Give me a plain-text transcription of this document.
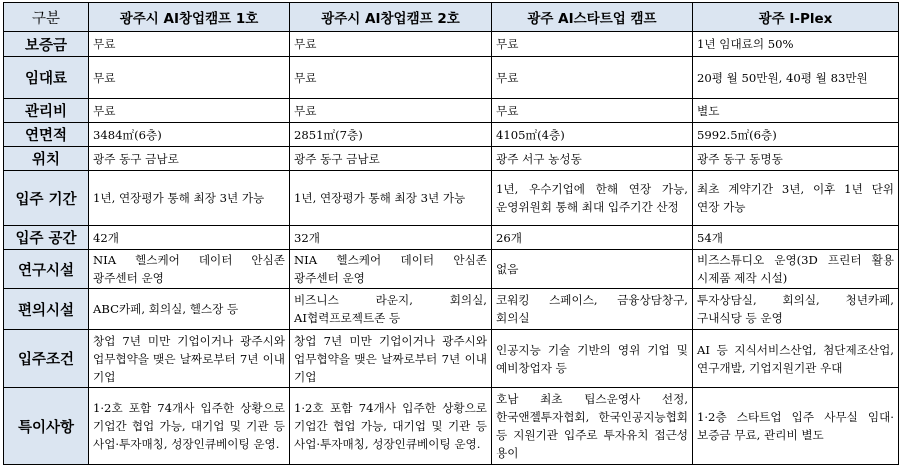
구분	광주시 AI창업캠프 1호	광주시 AI창업캠프 2호	광주 AI스타트업 캠프	광주 I-Plex
보증금	무료	무료	무료	1년 임대료의 50%
임대료	무료	무료	무료	20평 월 50만원, 40평 월 83만원
관리비	무료	무료	무료	별도
연면적	3484㎡(6층)	2851㎡(7층)	4105㎡(4층)	5992.5㎡(6층)
위치	광주 동구 금남로	광주 동구 금남로	광주 서구 농성동	광주 동구 동명동
입주 기간	1년, 연장평가 통해 최장 3년 가능	1년, 연장평가 통해 최장 3년 가능	1년, 우수기업에 한해 연장 가능, 운영위원회 통해 최대 입주기간 산정	최초 계약기간 3년, 이후 1년 단위 연장 가능
입주 공간	42개	32개	26개	54개
연구시설	NIA 헬스케어 데이터 안심존 광주센터 운영	NIA 헬스케어 데이터 안심존 광주센터 운영	없음	비즈스튜디오 운영(3D 프린터 활용 시제품 제작 시설)
편의시설	ABC카페, 회의실, 헬스장 등	비즈니스 라운지, 회의실, AI협력프로젝트존 등	코워킹 스페이스, 금융상담창구, 회의실	투자상담실, 회의실, 청년카페, 구내식당 등 운영
입주조건	창업 7년 미만 기업이거나 광주시와 업무협약을 맺은 날짜로부터 7년 이내 기업	창업 7년 미만 기업이거나 광주시와 업무협약을 맺은 날짜로부터 7년 이내 기업	인공지능 기술 기반의 영위 기업 및 예비창업자 등	AI 등 지식서비스산업, 첨단제조산업, 연구개발, 기업지원기관 우대
특이사항	1·2호 포함 74개사 입주한 상황으로 기업간 협업 가능, 대기업 및 기관 등 사업·투자매칭, 성장인큐베이팅 운영.	1·2호 포함 74개사 입주한 상황으로 기업간 협업 가능, 대기업 및 기관 등 사업·투자매칭, 성장인큐베이팅 운영.	호남 최초 팁스운영사 선정, 한국앤젤투자협회, 한국인공지능협회 등 지원기관 입주로 투자유치 접근성 용이	1·2층 스타트업 입주 사무실 임대·보증금 무료, 관리비 별도
